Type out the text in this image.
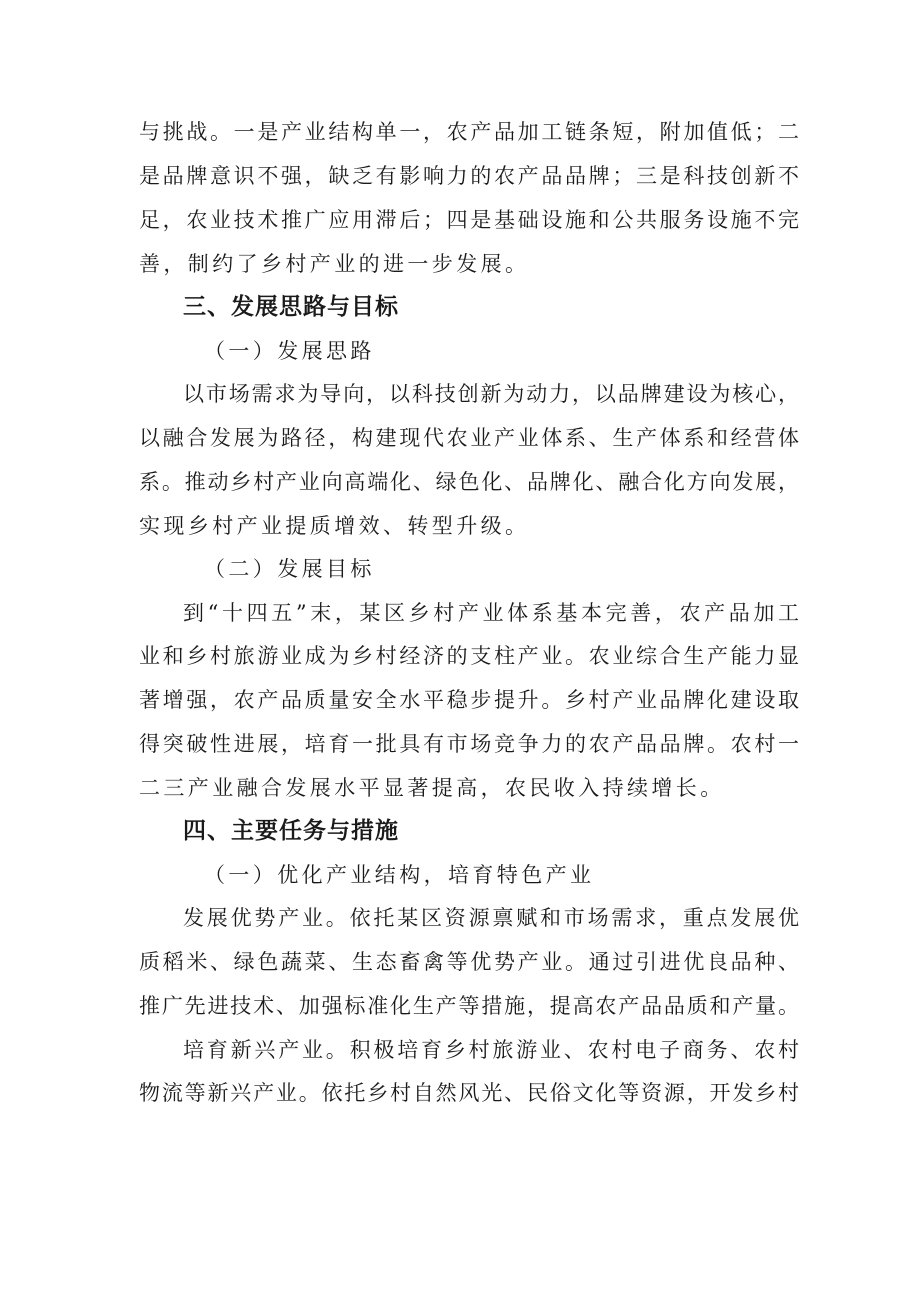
与挑战。一是产业结构单一，农产品加工链条短，附加值低；二
是品牌意识不强，缺乏有影响力的农产品品牌；三是科技创新不
足，农业技术推广应用滞后；四是基础设施和公共服务设施不完
善，制约了乡村产业的进一步发展。
三、发展思路与目标
（一）发展思路
以市场需求为导向，以科技创新为动力，以品牌建设为核心，
以融合发展为路径，构建现代农业产业体系、生产体系和经营体
系。推动乡村产业向高端化、绿色化、品牌化、融合化方向发展，
实现乡村产业提质增效、转型升级。
（二）发展目标
到“十四五”末，某区乡村产业体系基本完善，农产品加工
业和乡村旅游业成为乡村经济的支柱产业。农业综合生产能力显
著增强，农产品质量安全水平稳步提升。乡村产业品牌化建设取
得突破性进展，培育一批具有市场竞争力的农产品品牌。农村一
二三产业融合发展水平显著提高，农民收入持续增长。
四、主要任务与措施
（一）优化产业结构，培育特色产业
发展优势产业。依托某区资源禀赋和市场需求，重点发展优
质稻米、绿色蔬菜、生态畜禽等优势产业。通过引进优良品种、
推广先进技术、加强标准化生产等措施，提高农产品品质和产量。
培育新兴产业。积极培育乡村旅游业、农村电子商务、农村
物流等新兴产业。依托乡村自然风光、民俗文化等资源，开发乡村
